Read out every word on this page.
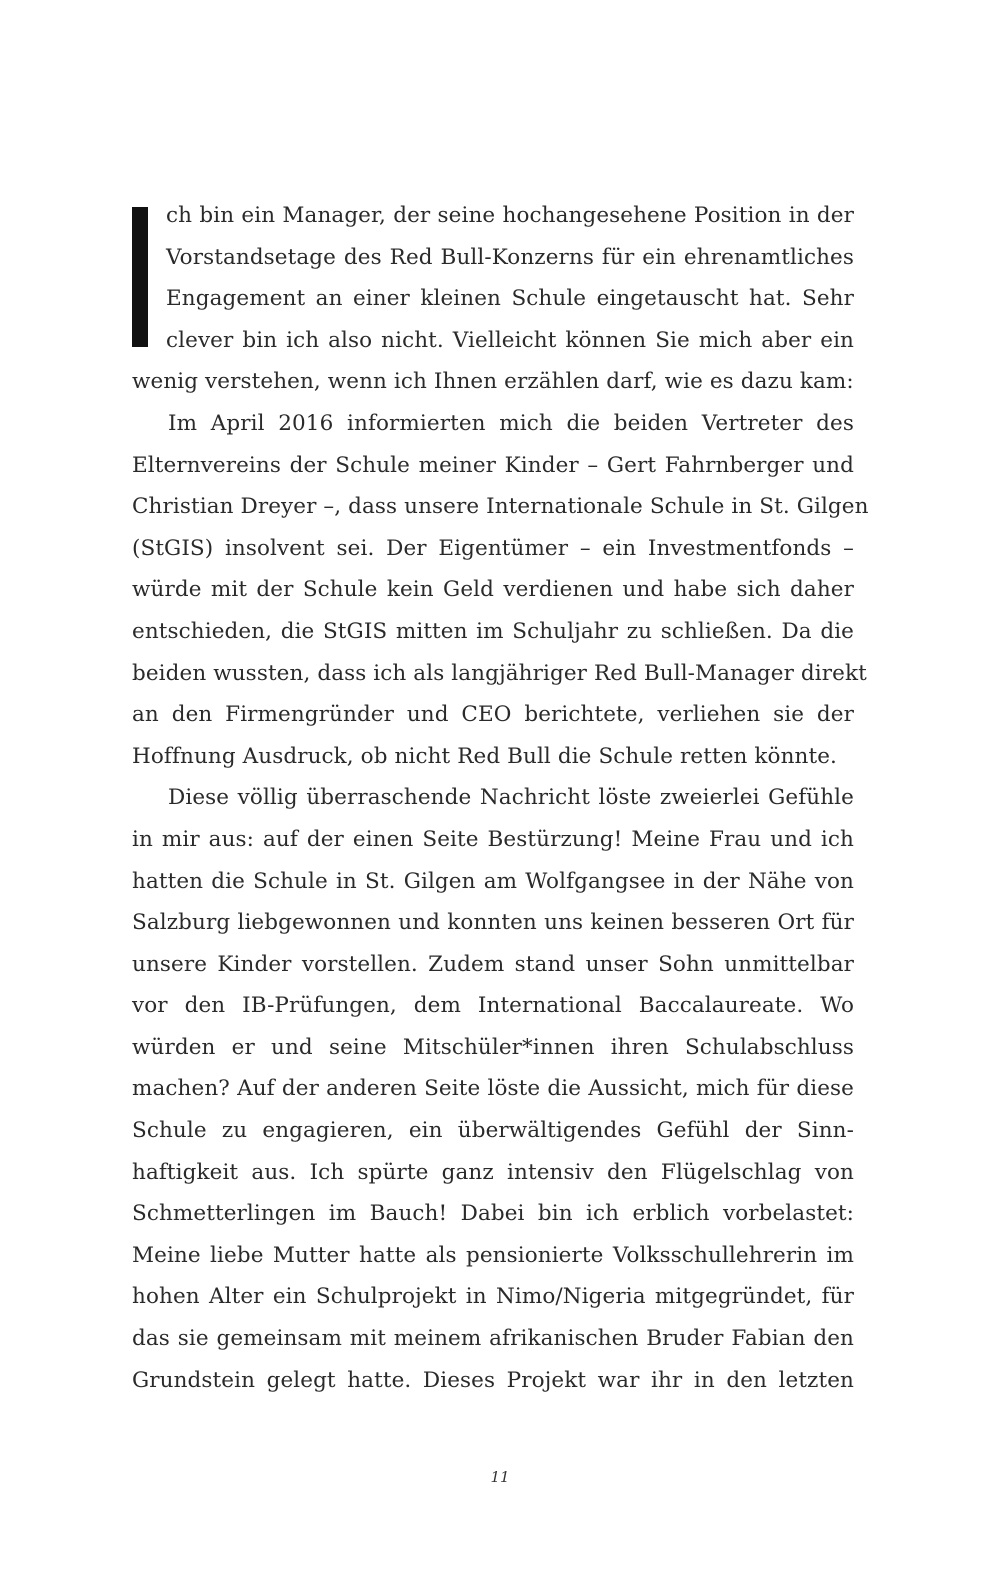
ch bin ein Manager, der seine hochangesehene Position in der
Vorstandsetage des Red Bull-Konzerns für ein ehrenamtliches
Engagement an einer kleinen Schule eingetauscht hat. Sehr
clever bin ich also nicht. Vielleicht können Sie mich aber ein
wenig verstehen, wenn ich Ihnen erzählen darf, wie es dazu kam:
Im April 2016 informierten mich die beiden Vertreter des
Elternvereins der Schule meiner Kinder – Gert Fahrnberger und
Christian Dreyer –, dass unsere Internationale Schule in St. Gilgen
(StGIS) insolvent sei. Der Eigentümer – ein Investmentfonds –
würde mit der Schule kein Geld verdienen und habe sich daher
entschieden, die StGIS mitten im Schuljahr zu schließen. Da die
beiden wussten, dass ich als langjähriger Red Bull-Manager direkt
an den Firmengründer und CEO berichtete, verliehen sie der
Hoffnung Ausdruck, ob nicht Red Bull die Schule retten könnte.
Diese völlig überraschende Nachricht löste zweierlei Gefühle
in mir aus: auf der einen Seite Bestürzung! Meine Frau und ich
hatten die Schule in St. Gilgen am Wolfgangsee in der Nähe von
Salzburg liebgewonnen und konnten uns keinen besseren Ort für
unsere Kinder vorstellen. Zudem stand unser Sohn unmittelbar
vor den IB-Prüfungen, dem International Baccalaureate. Wo
würden er und seine Mitschüler*innen ihren Schulabschluss
machen? Auf der anderen Seite löste die Aussicht, mich für diese
Schule zu engagieren, ein überwältigendes Gefühl der Sinn-
haftigkeit aus. Ich spürte ganz intensiv den Flügelschlag von
Schmetterlingen im Bauch! Dabei bin ich erblich vorbelastet:
Meine liebe Mutter hatte als pensionierte Volksschullehrerin im
hohen Alter ein Schulprojekt in Nimo/Nigeria mitgegründet, für
das sie gemeinsam mit meinem afrikanischen Bruder Fabian den
Grundstein gelegt hatte. Dieses Projekt war ihr in den letzten
11
